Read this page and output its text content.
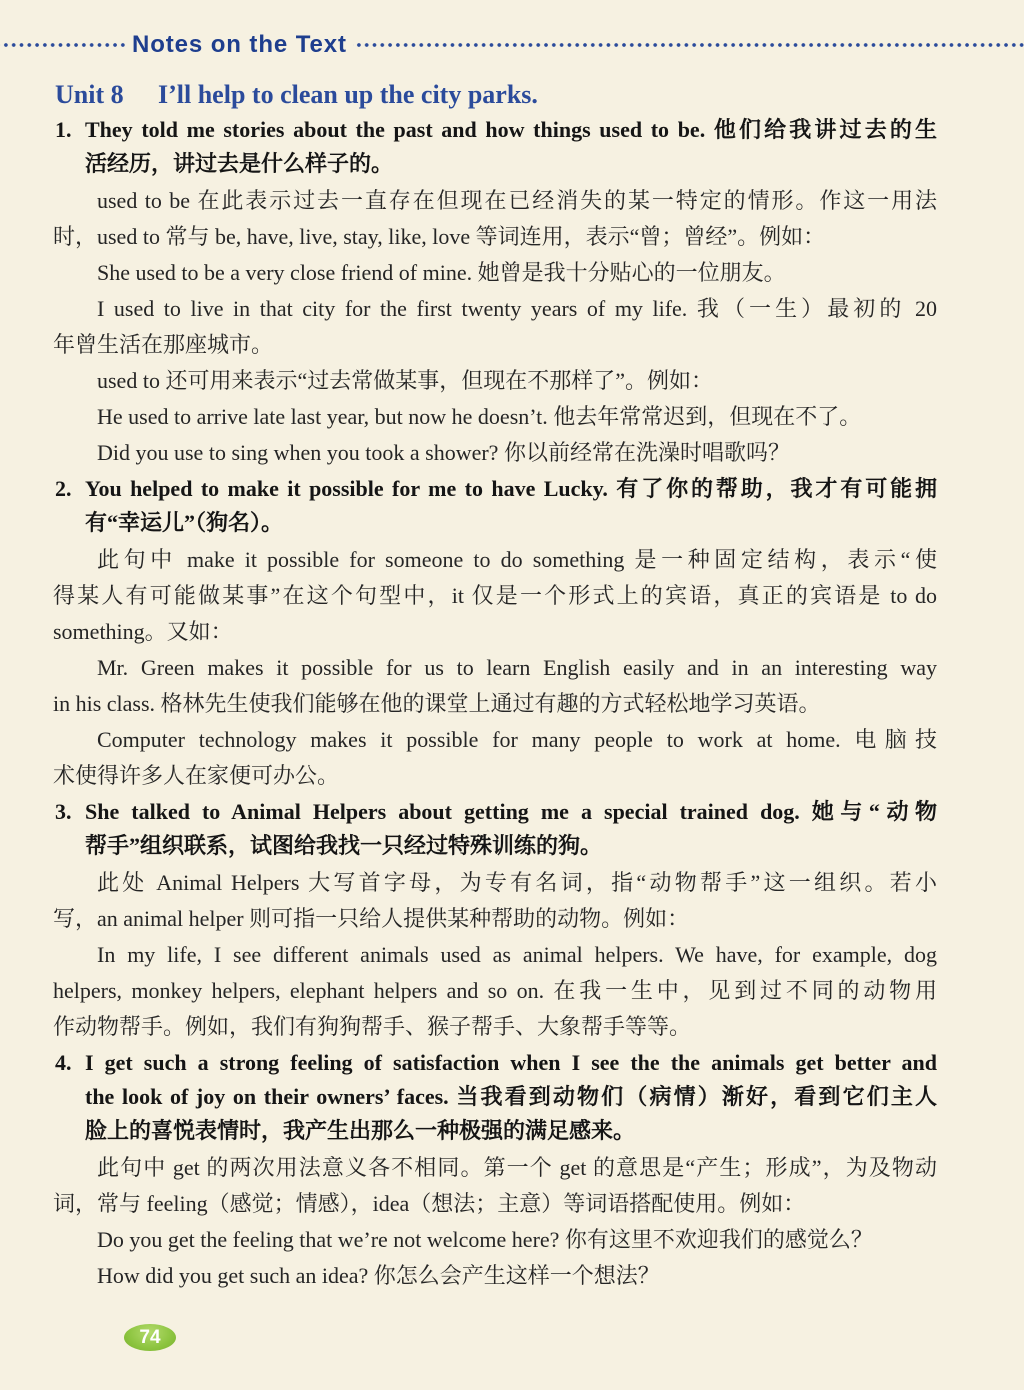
Notes on the Text
Unit 8 I’ll help to clean up the city parks.
1. They told me stories about the past and how things used to be. 他们给我讲过去的生
活经历，讲过去是什么样子的。
used to be 在此表示过去一直存在但现在已经消失的某一特定的情形。作这一用法
时，used to 常与 be, have, live, stay, like, love 等词连用，表示“曾；曾经”。例如：
She used to be a very close friend of mine. 她曾是我十分贴心的一位朋友。
I used to live in that city for the first twenty years of my life. 我（一生）最初的 20
年曾生活在那座城市。
used to 还可用来表示“过去常做某事，但现在不那样了”。例如：
He used to arrive late last year, but now he doesn’t. 他去年常常迟到，但现在不了。
Did you use to sing when you took a shower? 你以前经常在洗澡时唱歌吗？
2. You helped to make it possible for me to have Lucky. 有了你的帮助，我才有可能拥
有“幸运儿”（狗名）。
此句中 make it possible for someone to do something 是一种固定结构，表示“使
得某人有可能做某事”在这个句型中，it 仅是一个形式上的宾语，真正的宾语是 to do
something。又如：
Mr. Green makes it possible for us to learn English easily and in an interesting way
in his class. 格林先生使我们能够在他的课堂上通过有趣的方式轻松地学习英语。
Computer technology makes it possible for many people to work at home. 电脑技
术使得许多人在家便可办公。
3. She talked to Animal Helpers about getting me a special trained dog. 她与“动物
帮手”组织联系，试图给我找一只经过特殊训练的狗。
此处 Animal Helpers 大写首字母，为专有名词，指“动物帮手”这一组织。若小
写，an animal helper 则可指一只给人提供某种帮助的动物。例如：
In my life, I see different animals used as animal helpers. We have, for example, dog
helpers, monkey helpers, elephant helpers and so on. 在我一生中，见到过不同的动物用
作动物帮手。例如，我们有狗狗帮手、猴子帮手、大象帮手等等。
4. I get such a strong feeling of satisfaction when I see the the animals get better and
the look of joy on their owners’ faces. 当我看到动物们（病情）渐好，看到它们主人
脸上的喜悦表情时，我产生出那么一种极强的满足感来。
此句中 get 的两次用法意义各不相同。第一个 get 的意思是“产生；形成”，为及物动
词，常与 feeling（感觉；情感），idea（想法；主意）等词语搭配使用。例如：
Do you get the feeling that we’re not welcome here? 你有这里不欢迎我们的感觉么？
How did you get such an idea? 你怎么会产生这样一个想法？
74
